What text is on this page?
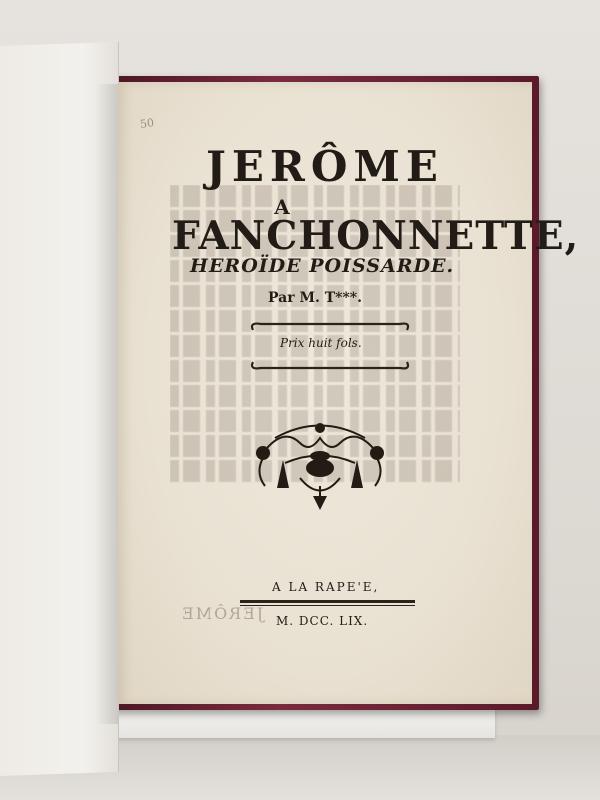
50
JERÔME
A
FANCHONNETTE,
HEROÏDE POISSARDE.
Par M. T***.
Prix huit fols.
A LA RAPE'E,
M. DCC. LIX.
JERÔME
